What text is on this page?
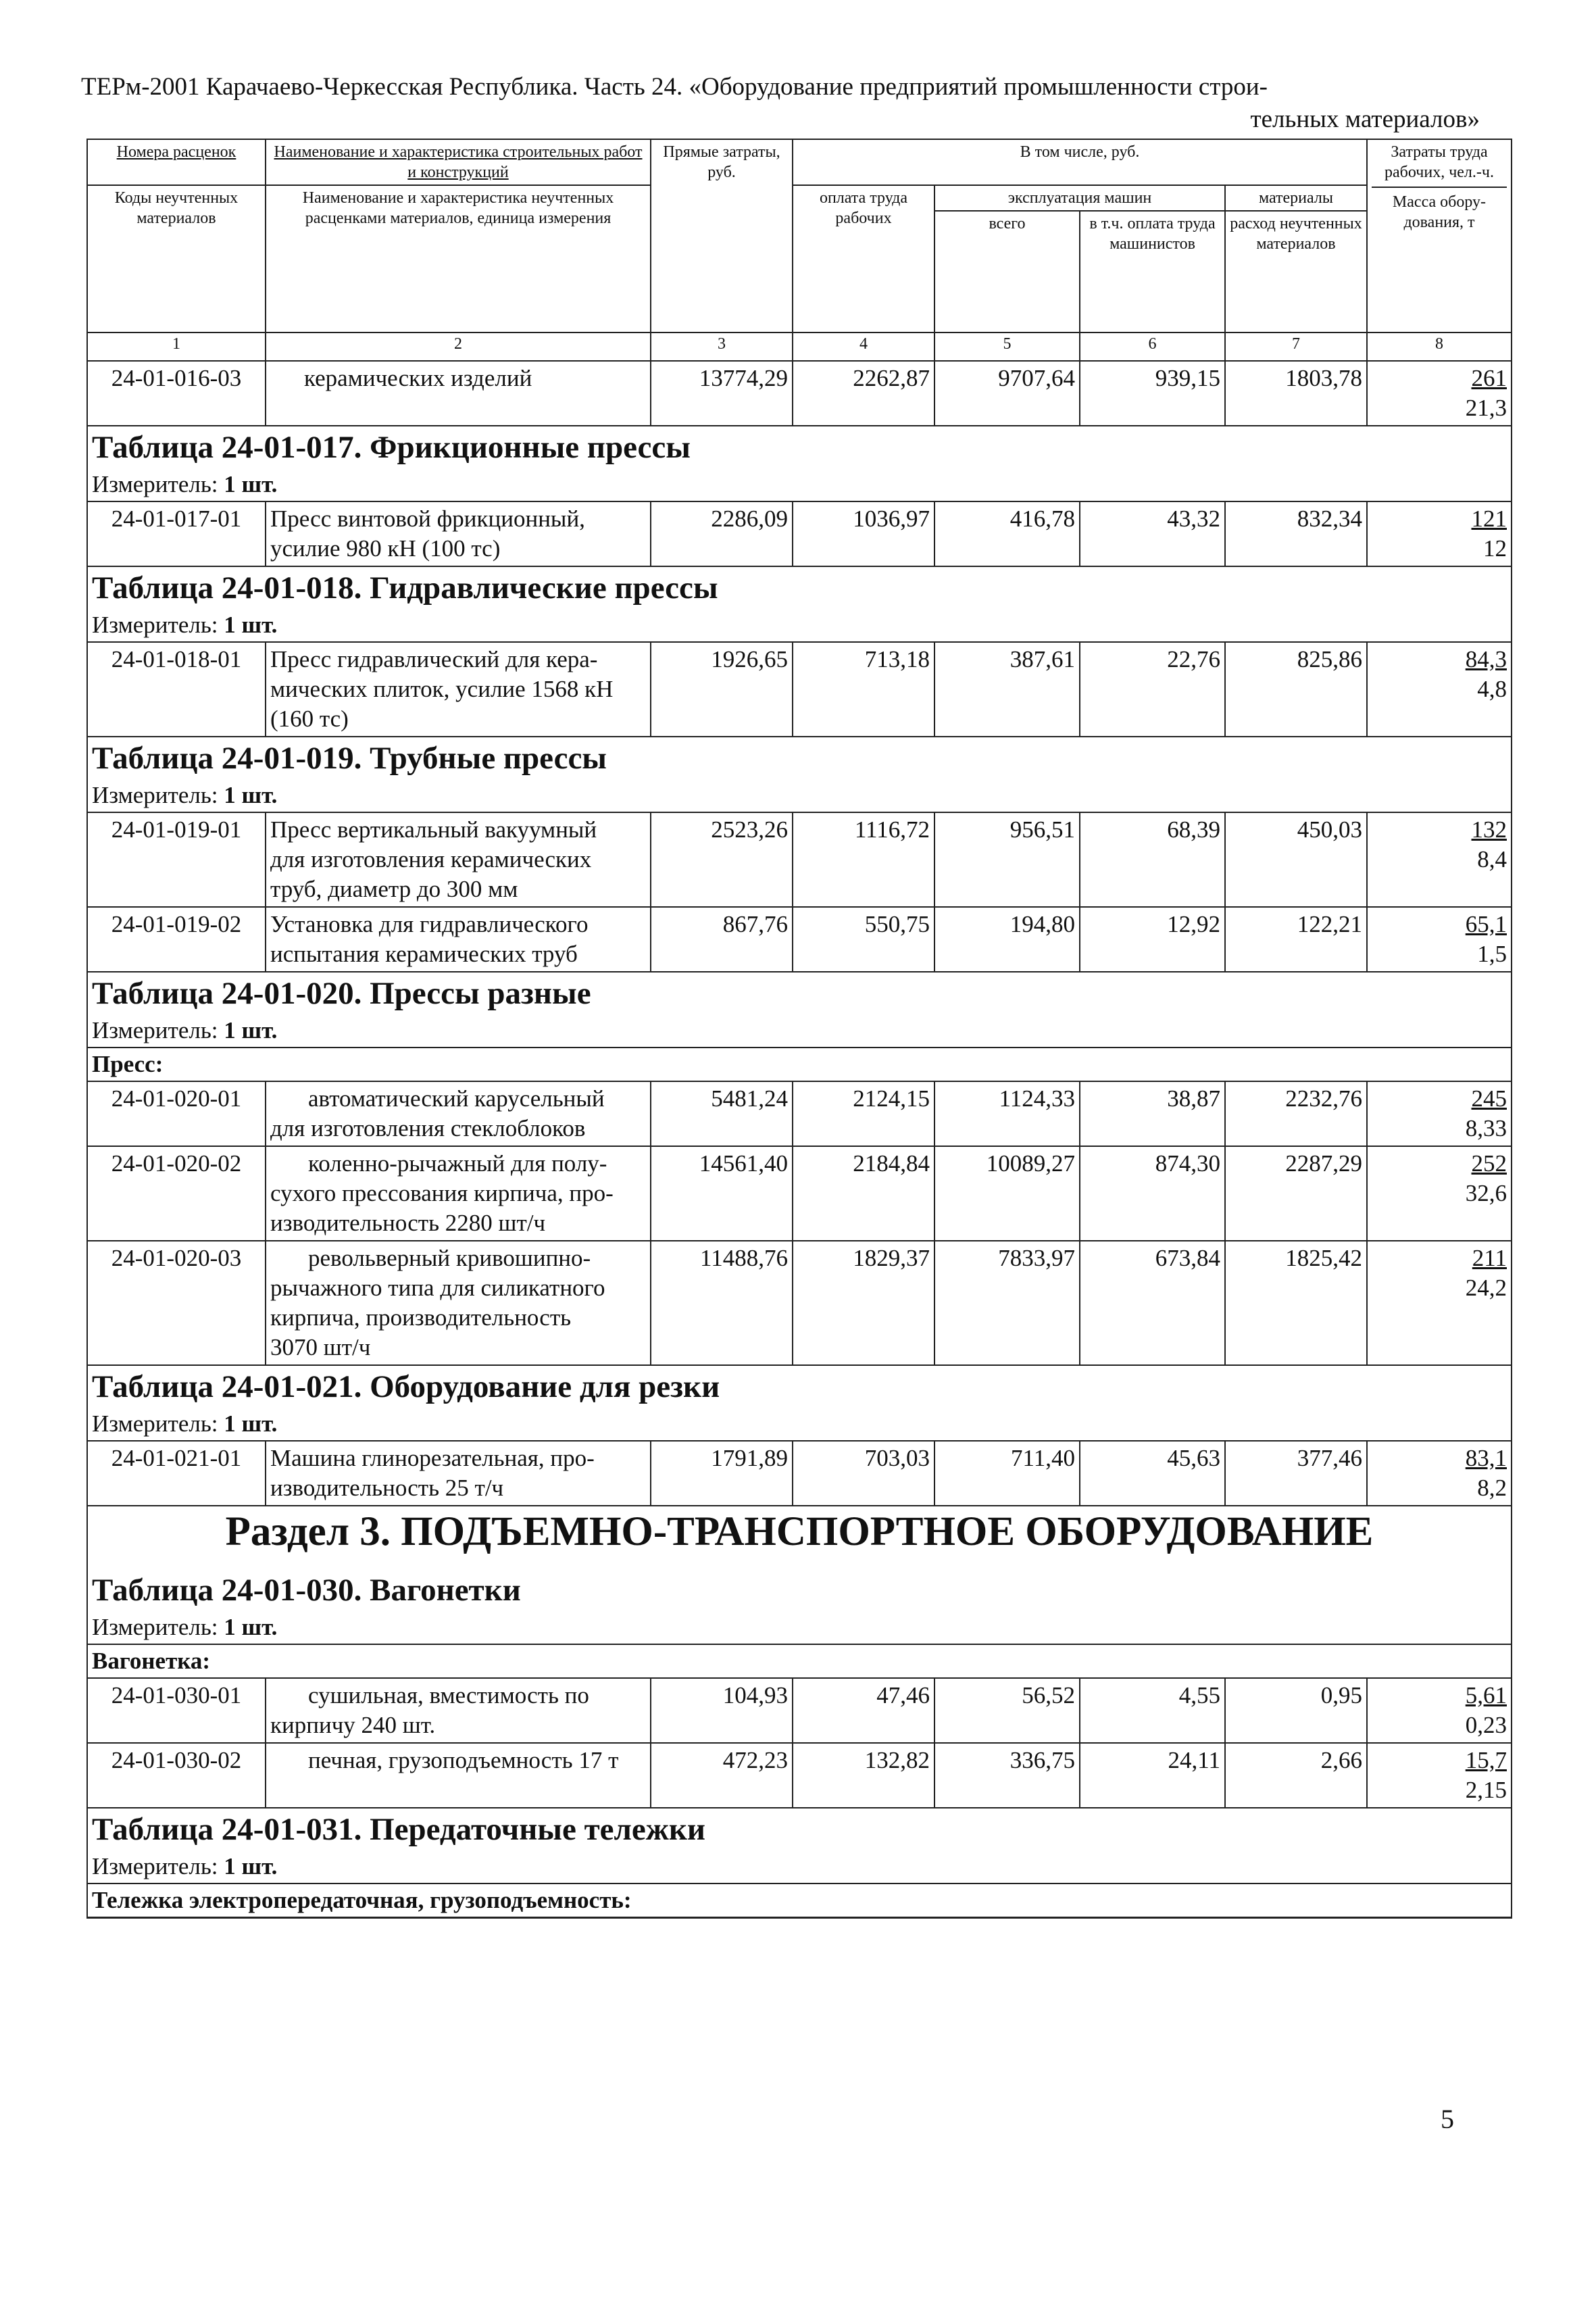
ТЕРм-2001 Карачаево-Черкесская Республика. Часть 24. «Оборудование предприятий промышленности строи-
тельных материалов»
Номера расценок	Наименование и характеристика строительных работ и конструкций	Прямые затраты, руб.	В том числе, руб.				Затраты труда рабочих, чел.-ч.
Масса обору-дования, т

Коды неучтенных материалов	Наименование и характеристика неучтенных расценками материалов, единица измерения		оплата труда рабочих	эксплуатация машин		материалы	
				всего	в т.ч. оплата труда машинистов	расход неучтенных материалов	
1	2	3	4	5	6	7	8
24-01-016-03	керамических изделий	13774,29	2262,87	9707,64	939,15	1803,78	261
21,3
Таблица 24-01-017. Фрикционные прессы							
Измеритель: 1 шт.							
24-01-017-01	Пресс винтовой фрикционный,
усилие 980 кН (100 тс)	2286,09	1036,97	416,78	43,32	832,34	121
12
Таблица 24-01-018. Гидравлические прессы							
Измеритель: 1 шт.							
24-01-018-01	Пресс гидравлический для кера-
мических плиток, усилие 1568 кН
(160 тс)	1926,65	713,18	387,61	22,76	825,86	84,3
4,8
Таблица 24-01-019. Трубные прессы							
Измеритель: 1 шт.							
24-01-019-01	Пресс вертикальный вакуумный
для изготовления керамических
труб, диаметр до 300 мм	2523,26	1116,72	956,51	68,39	450,03	132
8,4
24-01-019-02	Установка для гидравлического
испытания керамических труб	867,76	550,75	194,80	12,92	122,21	65,1
1,5
Таблица 24-01-020. Прессы разные							
Измеритель: 1 шт.							
Пресс:							
24-01-020-01	автоматический карусельный
для изготовления стеклоблоков	5481,24	2124,15	1124,33	38,87	2232,76	245
8,33
24-01-020-02	коленно-рычажный для полу-
сухого прессования кирпича, про-
изводительность 2280 шт/ч	14561,40	2184,84	10089,27	874,30	2287,29	252
32,6
24-01-020-03	револьверный кривошипно-
рычажного типа для силикатного
кирпича, производительность
3070 шт/ч	11488,76	1829,37	7833,97	673,84	1825,42	211
24,2
Таблица 24-01-021. Оборудование для резки							
Измеритель: 1 шт.							
24-01-021-01	Машина глинорезательная, про-
изводительность 25 т/ч	1791,89	703,03	711,40	45,63	377,46	83,1
8,2
Раздел 3. ПОДЪЕМНО-ТРАНСПОРТНОЕ ОБОРУДОВАНИЕ							
Таблица 24-01-030. Вагонетки							
Измеритель: 1 шт.							
Вагонетка:							
24-01-030-01	сушильная, вместимость по
кирпичу 240 шт.	104,93	47,46	56,52	4,55	0,95	5,61
0,23
24-01-030-02	печная, грузоподъемность 17 т	472,23	132,82	336,75	24,11	2,66	15,7
2,15
Таблица 24-01-031. Передаточные тележки							
Измеритель: 1 шт.							
Тележка электропередаточная, грузоподъемность:							
5
